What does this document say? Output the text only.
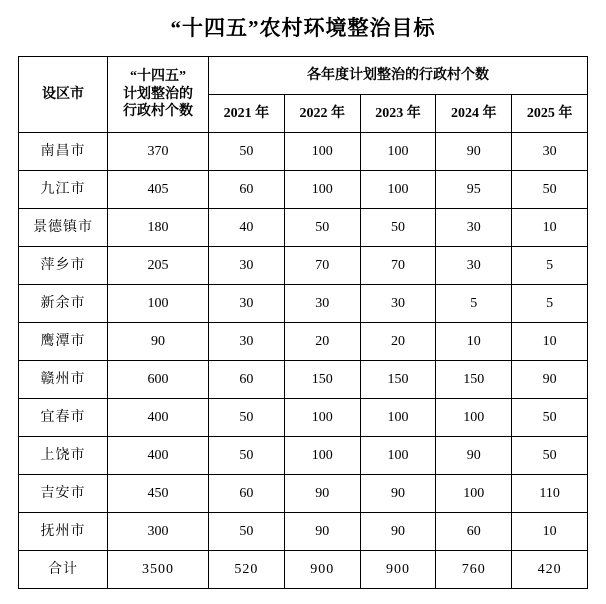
“十四五”农村环境整治目标
设区市	“十四五”
计划整治的
行政村个数	各年度计划整治的行政村个数				
		2021 年	2022 年	2023 年	2024 年	2025 年
南昌市	370	50	100	100	90	30
九江市	405	60	100	100	95	50
景德镇市	180	40	50	50	30	10
萍乡市	205	30	70	70	30	5
新余市	100	30	30	30	5	5
鹰潭市	90	30	20	20	10	10
赣州市	600	60	150	150	150	90
宜春市	400	50	100	100	100	50
上饶市	400	50	100	100	90	50
吉安市	450	60	90	90	100	110
抚州市	300	50	90	90	60	10
合计	3500	520	900	900	760	420
